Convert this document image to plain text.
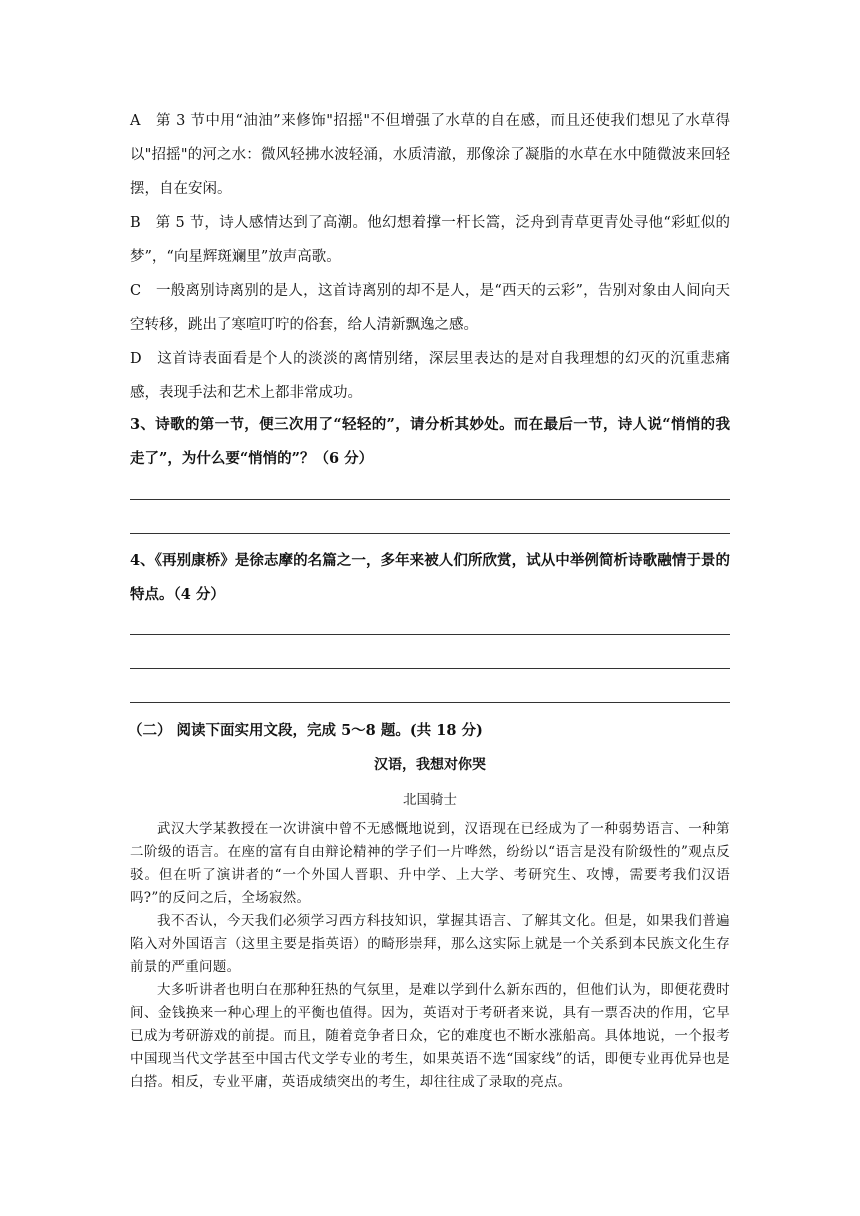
A　第 3 节中用“油油”来修饰"招摇"不但增强了水草的自在感，而且还使我们想见了水草得以"招摇"的河之水：微风轻拂水波轻涌，水质清澈，那像涂了凝脂的水草在水中随微波来回轻摆，自在安闲。

B　第 5 节，诗人感情达到了高潮。他幻想着撑一杆长篙，泛舟到青草更青处寻他“彩虹似的梦”，“向星辉斑斓里”放声高歌。

C　一般离别诗离别的是人，这首诗离别的却不是人，是“西天的云彩”，告别对象由人间向天空转移，跳出了寒喧叮咛的俗套，给人清新飘逸之感。

D　这首诗表面看是个人的淡淡的离情别绪，深层里表达的是对自我理想的幻灭的沉重悲痛感，表现手法和艺术上都非常成功。

3、诗歌的第一节，便三次用了“轻轻的”，请分析其妙处。而在最后一节，诗人说“悄悄的我走了”，为什么要“悄悄的”？（6 分）

4、《再别康桥》是徐志摩的名篇之一，多年来被人们所欣赏，试从中举例简析诗歌融情于景的特点。（4 分）

（二） 阅读下面实用文段，完成 5～8 题。(共 18 分)

汉语，我想对你哭

北国骑士

武汉大学某教授在一次讲演中曾不无感慨地说到，汉语现在已经成为了一种弱势语言、一种第二阶级的语言。在座的富有自由辩论精神的学子们一片哗然，纷纷以“语言是没有阶级性的”观点反驳。但在听了演讲者的“一个外国人晋职、升中学、上大学、考研究生、攻博，需要考我们汉语吗?”的反问之后，全场寂然。

我不否认，今天我们必须学习西方科技知识，掌握其语言、了解其文化。但是，如果我们普遍陷入对外国语言（这里主要是指英语）的畸形崇拜，那么这实际上就是一个关系到本民族文化生存前景的严重问题。

大多听讲者也明白在那种狂热的气氛里，是难以学到什么新东西的，但他们认为，即便花费时间、金钱换来一种心理上的平衡也值得。因为，英语对于考研者来说，具有一票否决的作用，它早已成为考研游戏的前提。而且，随着竞争者日众，它的难度也不断水涨船高。具体地说，一个报考中国现当代文学甚至中国古代文学专业的考生，如果英语不选“国家线”的话，即便专业再优异也是白搭。相反，专业平庸，英语成绩突出的考生，却往往成了录取的亮点。
